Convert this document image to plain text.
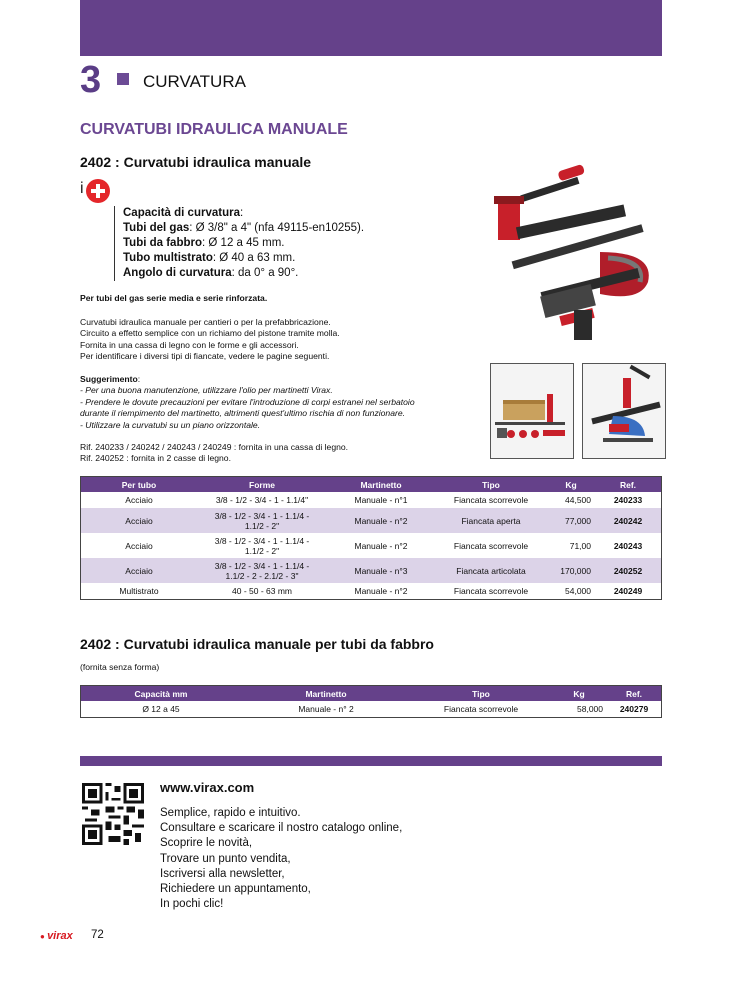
3 CURVATURA
CURVATUBI IDRAULICA MANUALE
2402 : Curvatubi idraulica manuale
i
Capacità di curvatura:
Tubi del gas: Ø 3/8" a 4" (nfa 49115-en10255).
Tubi da fabbro: Ø 12 a 45 mm.
Tubo multistrato: Ø 40 a 63 mm.
Angolo di curvatura: da 0° a 90°.
Per tubi del gas serie media e serie rinforzata.
Curvatubi idraulica manuale per cantieri o per la prefabbricazione.
Circuito a effetto semplice con un richiamo del pistone tramite molla.
Fornita in una cassa di legno con le forme e gli accessori.
Per identificare i diversi tipi di fiancate, vedere le pagine seguenti.
Suggerimento:
- Per una buona manutenzione, utilizzare l'olio per martinetti Virax.
- Prendere le dovute precauzioni per evitare l'introduzione di corpi estranei nel serbatoio
durante il riempimento del martinetto, altrimenti quest'ultimo rischia di non funzionare.
- Utilizzare la curvatubi su un piano orizzontale.
Rif. 240233 / 240242 / 240243 / 240249 : fornita in una cassa di legno.
Rif. 240252 : fornita in 2 casse di legno.
Per tubo	Forme	Martinetto	Tipo	Kg	Ref.
Acciaio	3/8 - 1/2 - 3/4 - 1 - 1.1/4"	Manuale - n°1	Fiancata scorrevole	44,500	240233
Acciaio	3/8 - 1/2 - 3/4 - 1 - 1.1/4 -
1.1/2 - 2"	Manuale - n°2	Fiancata aperta	77,000	240242
Acciaio	3/8 - 1/2 - 3/4 - 1 - 1.1/4 -
1.1/2 - 2"	Manuale - n°2	Fiancata scorrevole	71,00	240243
Acciaio	3/8 - 1/2 - 3/4 - 1 - 1.1/4 -
1.1/2 - 2 - 2.1/2 - 3"	Manuale - n°3	Fiancata articolata	170,000	240252
Multistrato	40 - 50 - 63 mm	Manuale - n°2	Fiancata scorrevole	54,000	240249
2402 : Curvatubi idraulica manuale per tubi da fabbro
(fornita senza forma)
Capacità mm	Martinetto	Tipo	Kg	Ref.
Ø 12 a 45	Manuale - n° 2	Fiancata scorrevole	58,000	240279
www.virax.com
Semplice, rapido e intuitivo.
Consultare e scaricare il nostro catalogo online,
Scoprire le novità,
Trovare un punto vendita,
Iscriversi alla newsletter,
Richiedere un appuntamento,
In pochi clic!
● virax 72
